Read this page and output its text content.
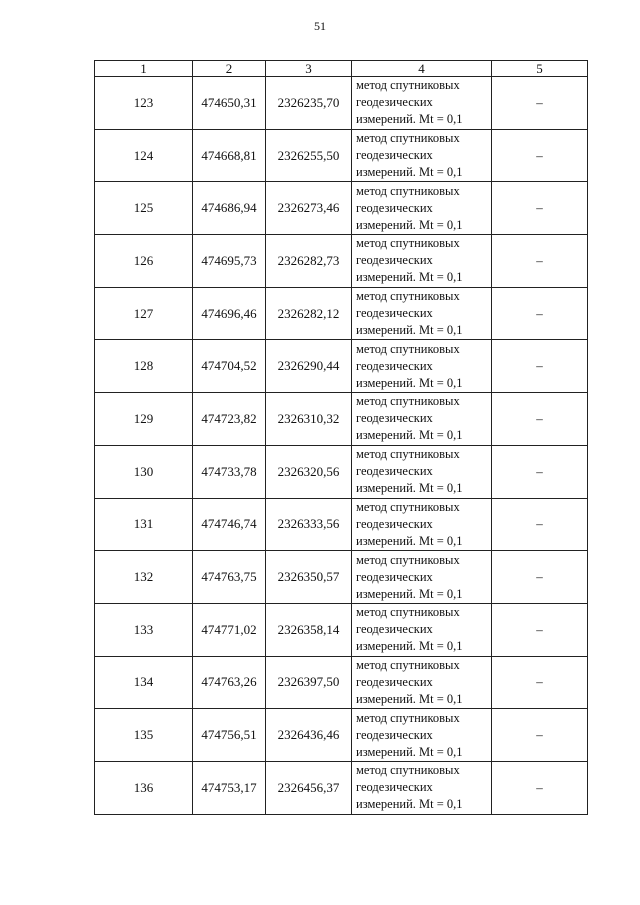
51
1	2	3	4	5
123	474650,31	2326235,70	метод спутниковых
геодезических
измерений. Mt = 0,1	–
124	474668,81	2326255,50	метод спутниковых
геодезических
измерений. Mt = 0,1	–
125	474686,94	2326273,46	метод спутниковых
геодезических
измерений. Mt = 0,1	–
126	474695,73	2326282,73	метод спутниковых
геодезических
измерений. Mt = 0,1	–
127	474696,46	2326282,12	метод спутниковых
геодезических
измерений. Mt = 0,1	–
128	474704,52	2326290,44	метод спутниковых
геодезических
измерений. Mt = 0,1	–
129	474723,82	2326310,32	метод спутниковых
геодезических
измерений. Mt = 0,1	–
130	474733,78	2326320,56	метод спутниковых
геодезических
измерений. Mt = 0,1	–
131	474746,74	2326333,56	метод спутниковых
геодезических
измерений. Mt = 0,1	–
132	474763,75	2326350,57	метод спутниковых
геодезических
измерений. Mt = 0,1	–
133	474771,02	2326358,14	метод спутниковых
геодезических
измерений. Mt = 0,1	–
134	474763,26	2326397,50	метод спутниковых
геодезических
измерений. Mt = 0,1	–
135	474756,51	2326436,46	метод спутниковых
геодезических
измерений. Mt = 0,1	–
136	474753,17	2326456,37	метод спутниковых
геодезических
измерений. Mt = 0,1	–
